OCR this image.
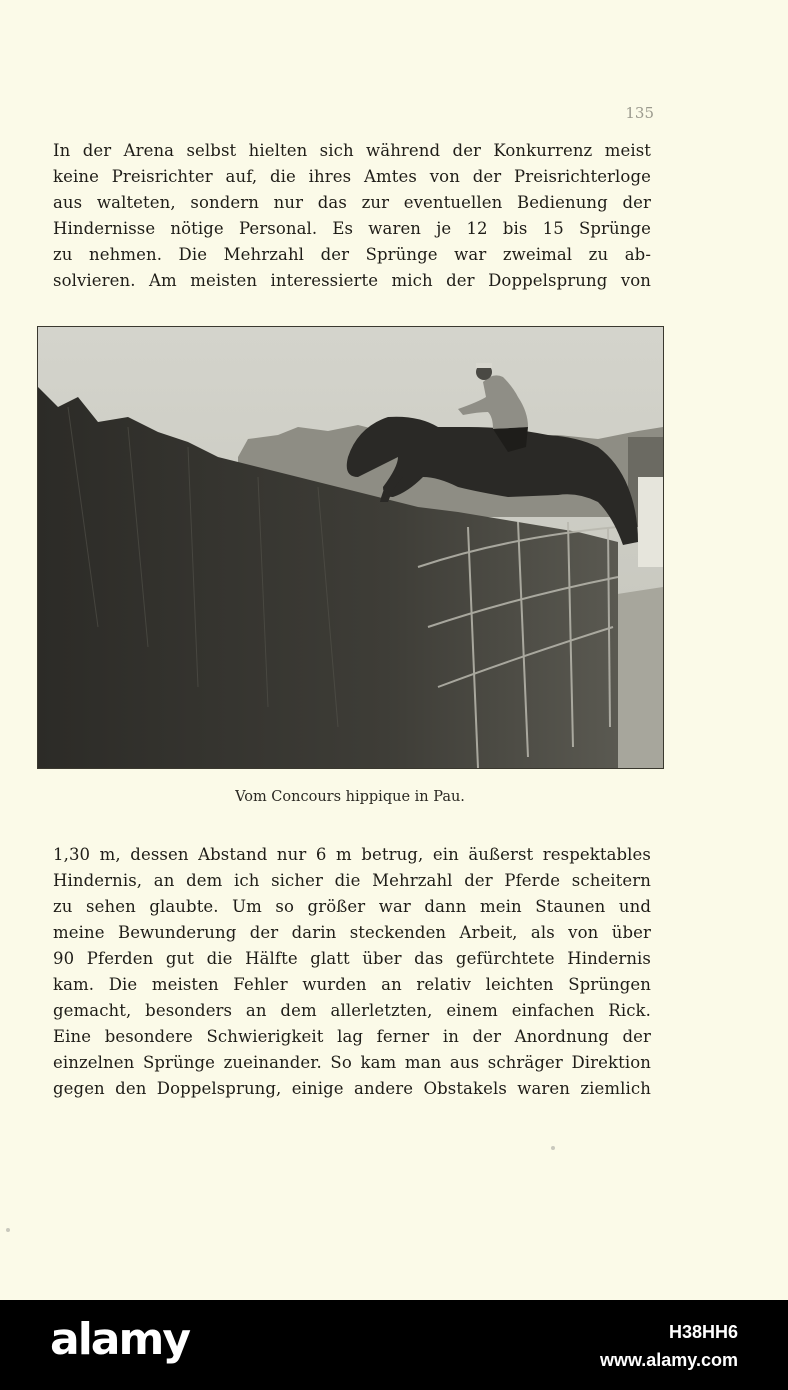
135
In der Arena selbst hielten sich während der Konkurrenz meist
keine Preisrichter auf, die ihres Amtes von der Preisrichterloge
aus walteten, sondern nur das zur eventuellen Bedienung der
Hindernisse nötige Personal. Es waren je 12 bis 15 Sprünge
zu nehmen. Die Mehrzahl der Sprünge war zweimal zu ab-
solvieren. Am meisten interessierte mich der Doppelsprung von
Vom Concours hippique in Pau.
1,30 m, dessen Abstand nur 6 m betrug, ein äußerst respektables
Hindernis, an dem ich sicher die Mehrzahl der Pferde scheitern
zu sehen glaubte. Um so größer war dann mein Staunen und
meine Bewunderung der darin steckenden Arbeit, als von über
90 Pferden gut die Hälfte glatt über das gefürchtete Hindernis
kam. Die meisten Fehler wurden an relativ leichten Sprüngen
gemacht, besonders an dem allerletzten, einem einfachen Rick.
Eine besondere Schwierigkeit lag ferner in der Anordnung der
einzelnen Sprünge zueinander. So kam man aus schräger Direktion
gegen den Doppelsprung, einige andere Obstakels waren ziemlich
alamy	H38HH6
www.alamy.com
